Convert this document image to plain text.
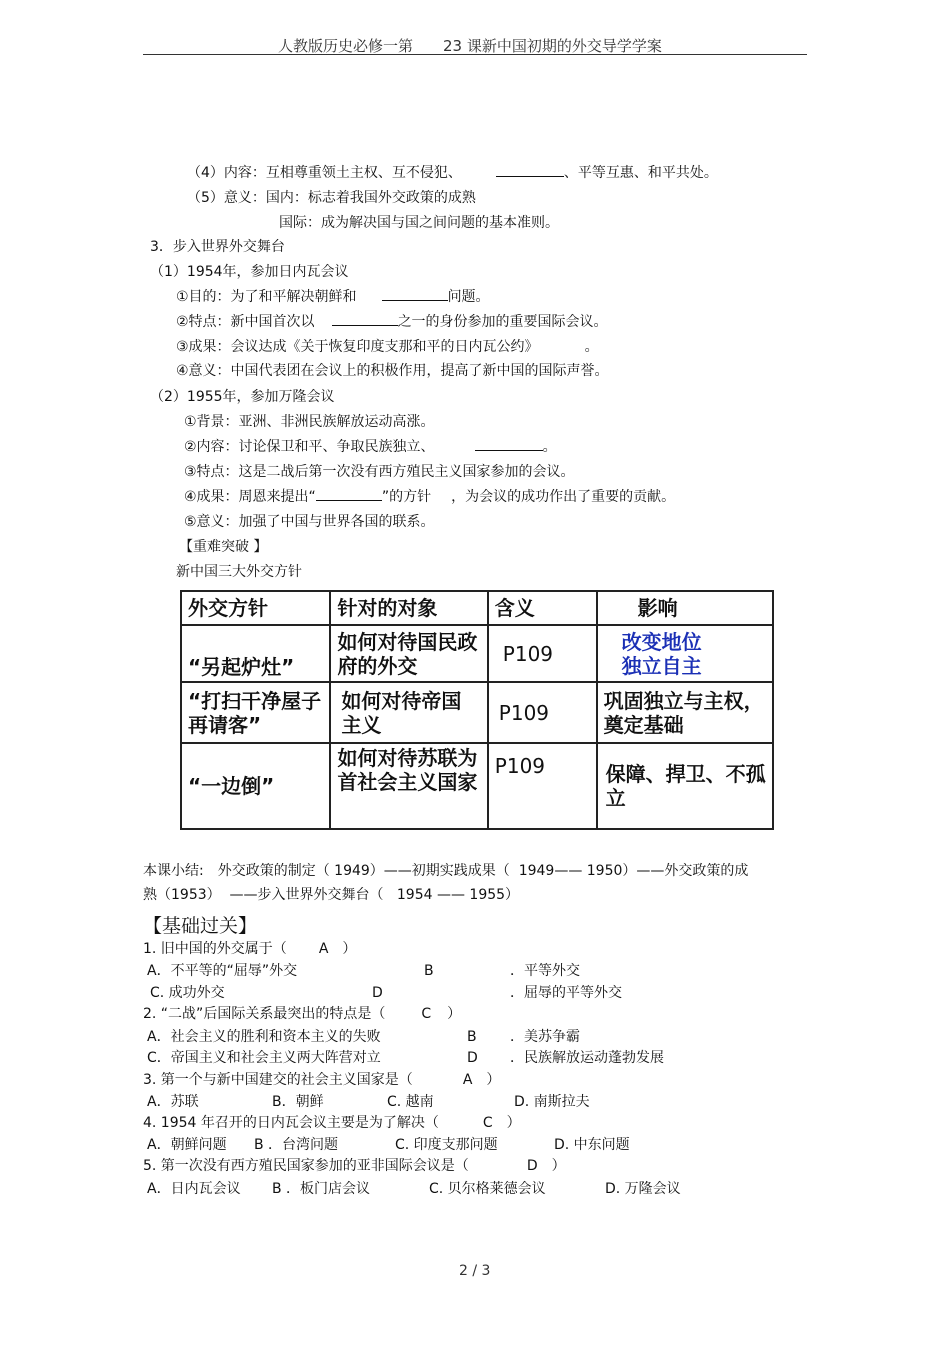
人教版历史必修一第　　23 课新中国初期的外交导学学案
（4）内容：互相尊重领土主权、互不侵犯、	、平等互惠、和平共处。
（5）意义：国内：标志着我国外交政策的成熟
国际：成为解决国与国之间问题的基本准则。
3．步入世界外交舞台
（1）1954年，参加日内瓦会议
①目的：为了和平解决朝鲜和	问题。
②特点：新中国首次以	之一的身份参加的重要国际会议。
③成果：会议达成《关于恢复印度支那和平的日内瓦公约》	。
④意义：中国代表团在会议上的积极作用，提高了新中国的国际声誉。
（2）1955年，参加万隆会议
①背景：亚洲、非洲民族解放运动高涨。
②内容：讨论保卫和平、争取民族独立、	。
③特点：这是二战后第一次没有西方殖民主义国家参加的会议。
④成果：周恩来提出“	”的方针 ，为会议的成功作出了重要的贡献。
⑤意义：加强了中国与世界各国的联系。
【重难突破 】
新中国三大外交方针
外交方针	针对的对象	含义	影响
“另起炉灶”	如何对待国民政府的外交	P109	改变地位
独立自主
“打扫干净屋子再请客”	如何对待帝国主义	P109	巩固独立与主权，奠定基础
“一边倒”	如何对待苏联为首社会主义国家	P109	保障、捍卫、不孤立
本课小结:　外交政策的制定（ 1949）——初期实践成果（  1949—— 1950）——外交政策的成
熟（1953）  ——步入世界外交舞台（   1954 —— 1955）
【基础过关】
1. 旧中国的外交属于（ A ）
A．不平等的“屈辱”外交	B	．平等外交
C. 成功外交	D	．屈辱的平等外交
2. “二战”后国际关系最突出的特点是（	C ）
A．社会主义的胜利和资本主义的失败	B ．美苏争霸
C．帝国主义和社会主义两大阵营对立	D ．民族解放运动蓬勃发展
3. 第一个与新中国建交的社会主义国家是（	A ）
A．苏联	B．朝鲜	C. 越南	D. 南斯拉夫
4. 1954 年召开的日内瓦会议主要是为了解决（	C ）
A．朝鲜问题 B ．台湾问题	C. 印度支那问题	D. 中东问题
5. 第一次没有西方殖民国家参加的亚非国际会议是（	D ）
A．日内瓦会议 B ．板门店会议	C. 贝尔格莱德会议	D. 万隆会议
2 / 3
